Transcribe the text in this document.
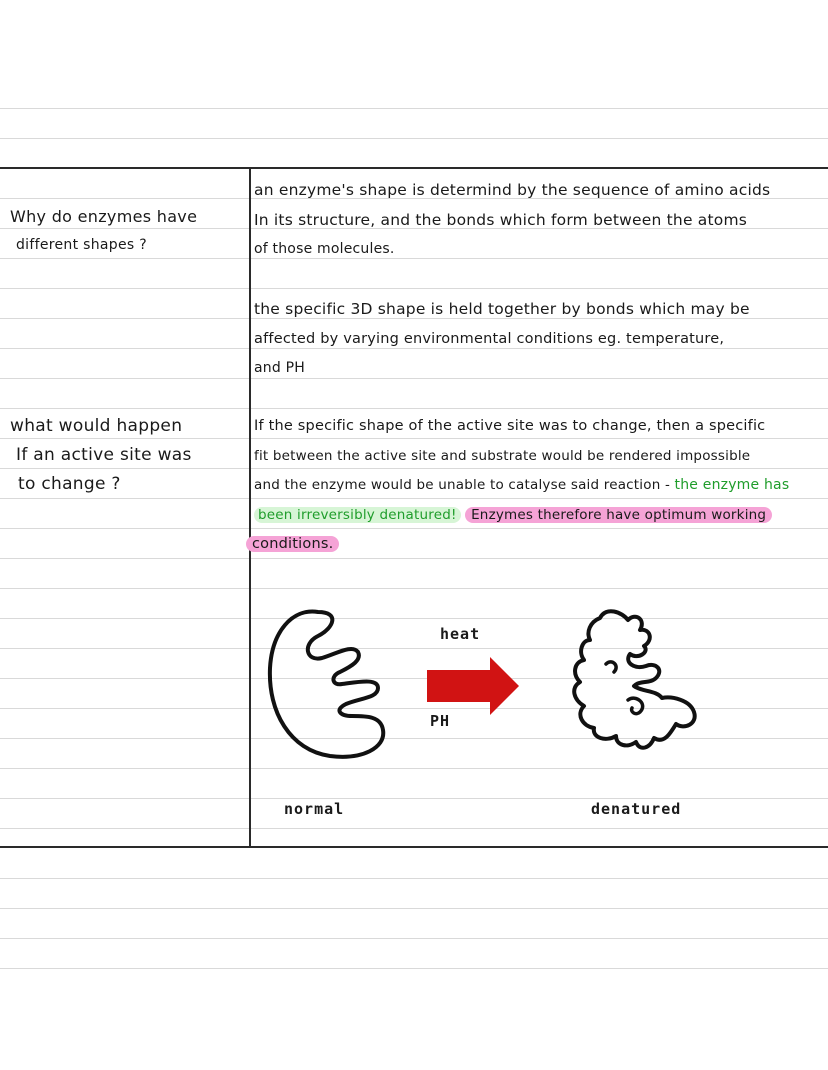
Why do enzymes have
different shapes ?
an enzyme's shape is determind by the sequence of amino acids
In its structure, and the bonds which form between the atoms
of those molecules.
the specific 3D shape is held together by bonds which may be
affected by varying environmental conditions eg. temperature,
and PH
what would happen
If an active site was
to change ?
If the specific shape of the active site was to change, then a specific
fit between the active site and substrate would be rendered impossible
and the enzyme would be unable to catalyse said reaction - the enzyme has
been irreversibly denatured! Enzymes therefore have optimum working
conditions.
heat
PH
normal	denatured
